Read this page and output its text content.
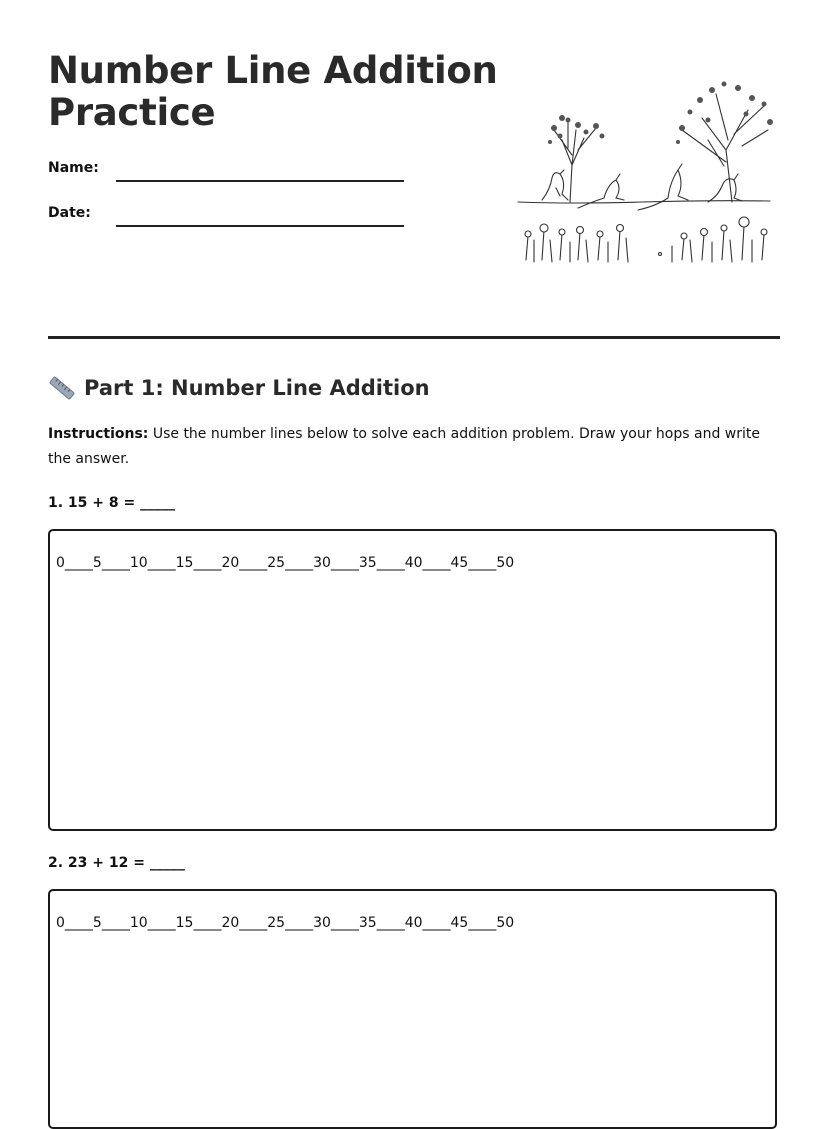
Number Line Addition Practice
Name:
Date:
Part 1: Number Line Addition
Instructions: Use the number lines below to solve each addition problem. Draw your hops and write the answer.
1. 15 + 8 = _____
0____5____10____15____20____25____30____35____40____45____50
2. 23 + 12 = _____
0____5____10____15____20____25____30____35____40____45____50
